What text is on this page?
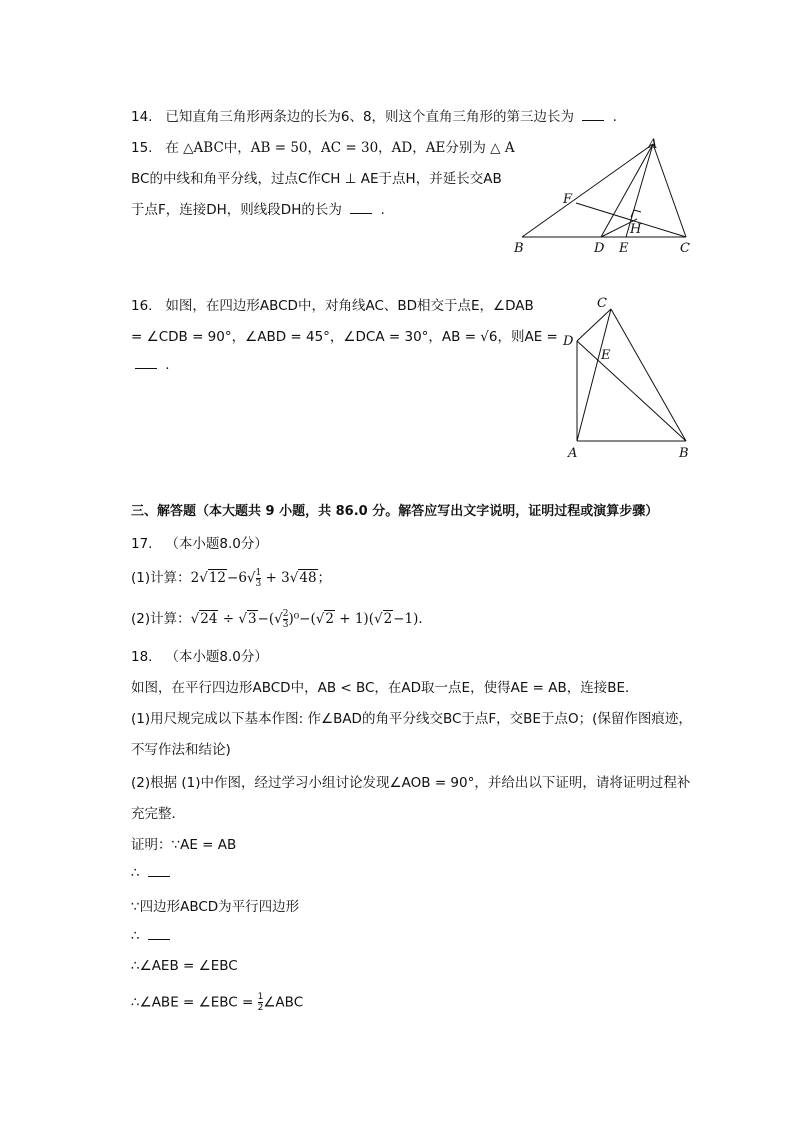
14. 已知直角三角形两条边的长为6、8，则这个直角三角形的第三边长为	.
15. 在 △ABC中，AB = 50，AC = 30，AD，AE分别为 △ A
BC的中线和角平分线，过点C作CH ⊥ AE于点H，并延长交AB
于点F，连接DH，则线段DH的长为	.
A
B	C
D E
F
H
16. 如图，在四边形ABCD中，对角线AC、BD相交于点E，∠DAB
= ∠CDB = 90°，∠ABD = 45°，∠DCA = 30°，AB = √6，则AE =
.
C
D
E
A	B
三、解答题（本大题共 9 小题，共 86.0 分。解答应写出文字说明，证明过程或演算步骤）
17. （本小题8.0分）
(1)计算：$2√12-6√ \frac{1}{3} + 3√48$；
(2)计算：$√24 \div √3-(√ \frac{2}{3} )^0-(√2 + 1)(√2-1)$．
18. （本小题8.0分）
如图，在平行四边形ABCD中，AB < BC，在AD取一点E，使得AE = AB，连接BE．
(1)用尺规完成以下基本作图: 作∠BAD的角平分线交BC于点F，交BE于点O；(保留作图痕迹，
不写作法和结论)
(2)根据 (1)中作图，经过学习小组讨论发现∠AOB = 90°，并给出以下证明，请将证明过程补
充完整．
证明：∵AE = AB
∴
∵四边形ABCD为平行四边形
∴
∴∠AEB = ∠EBC
∴∠ABE = ∠EBC = $\frac{1}{2}$ ∠ABC
